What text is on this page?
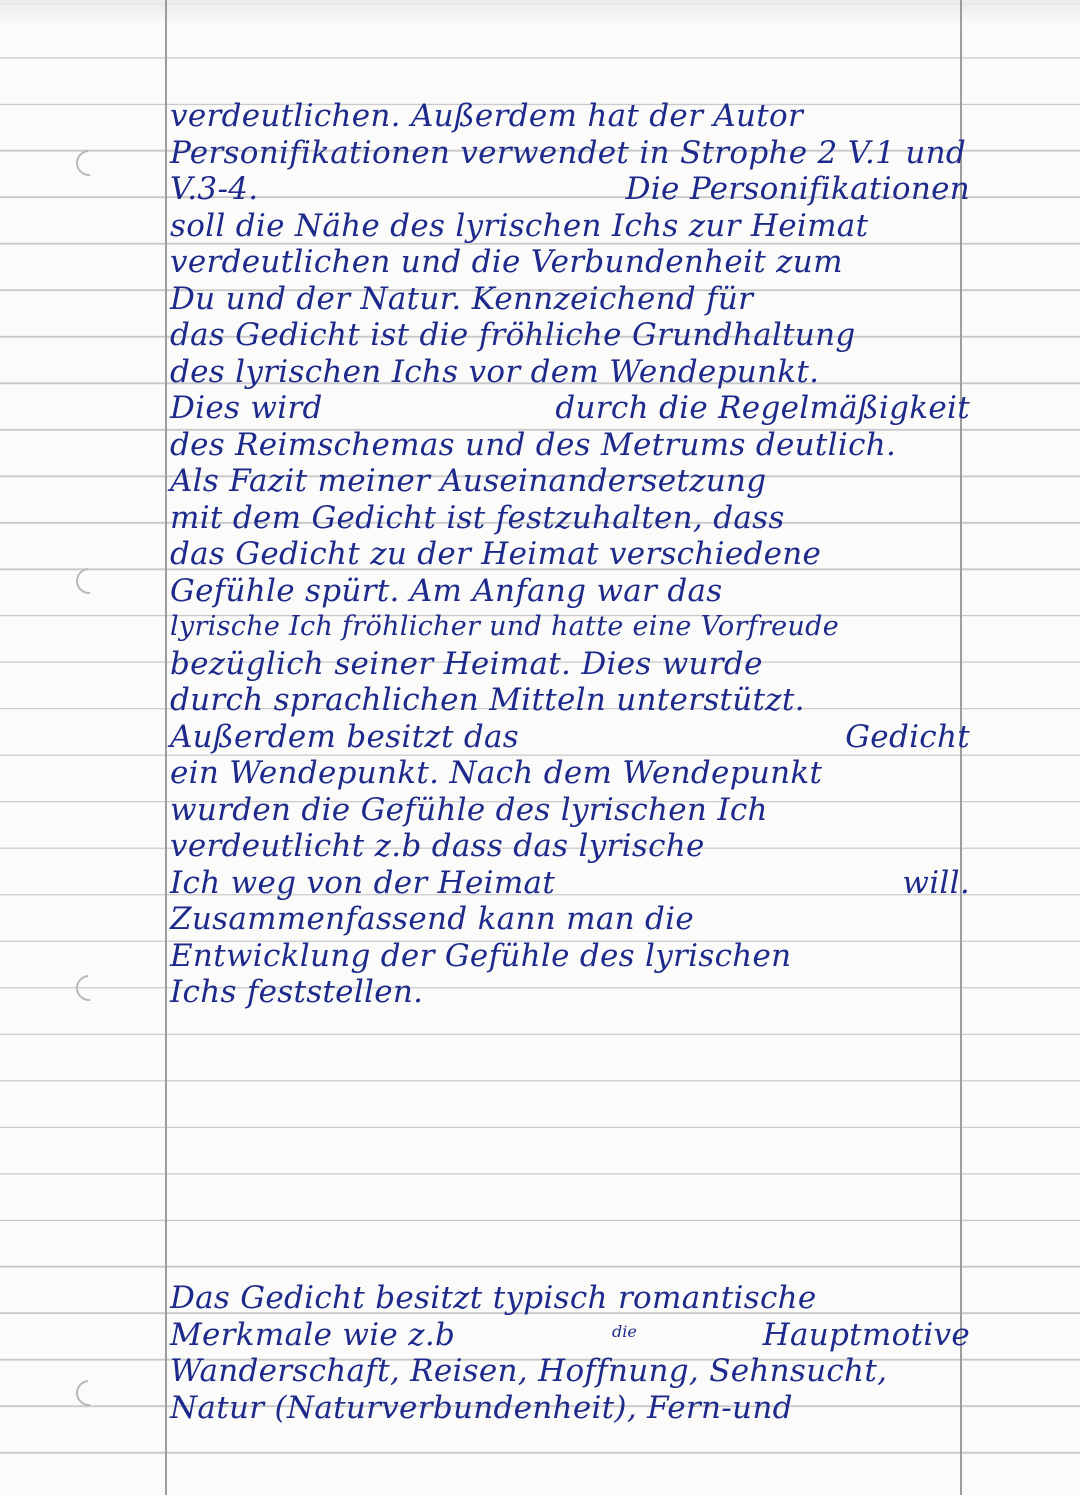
verdeutlichen. Außerdem hat der Autor
Personifikationen verwendet in Strophe 2 V.1 und
V.3-4.	Die Personifikationen
soll die Nähe des lyrischen Ichs zur Heimat
verdeutlichen und die Verbundenheit zum
Du und der Natur. Kennzeichend für
das Gedicht ist die fröhliche Grundhaltung
des lyrischen Ichs vor dem Wendepunkt.
Dies wird	durch die Regelmäßigkeit
des Reimschemas und des Metrums deutlich.
Als Fazit meiner Auseinandersetzung
mit dem Gedicht ist festzuhalten, dass
das Gedicht zu der Heimat verschiedene
Gefühle spürt. Am Anfang war das
lyrische Ich fröhlicher und hatte eine Vorfreude
bezüglich seiner Heimat. Dies wurde
durch sprachlichen Mitteln unterstützt.
Außerdem besitzt das	Gedicht
ein Wendepunkt. Nach dem Wendepunkt
wurden die Gefühle des lyrischen Ich
verdeutlicht z.b dass das lyrische
Ich weg von der Heimat	will.
Zusammenfassend kann man die
Entwicklung der Gefühle des lyrischen
Ichs feststellen.
die
Das Gedicht besitzt typisch romantische
Merkmale wie z.b	Hauptmotive
Wanderschaft, Reisen, Hoffnung, Sehnsucht,
Natur (Naturverbundenheit), Fern-und
